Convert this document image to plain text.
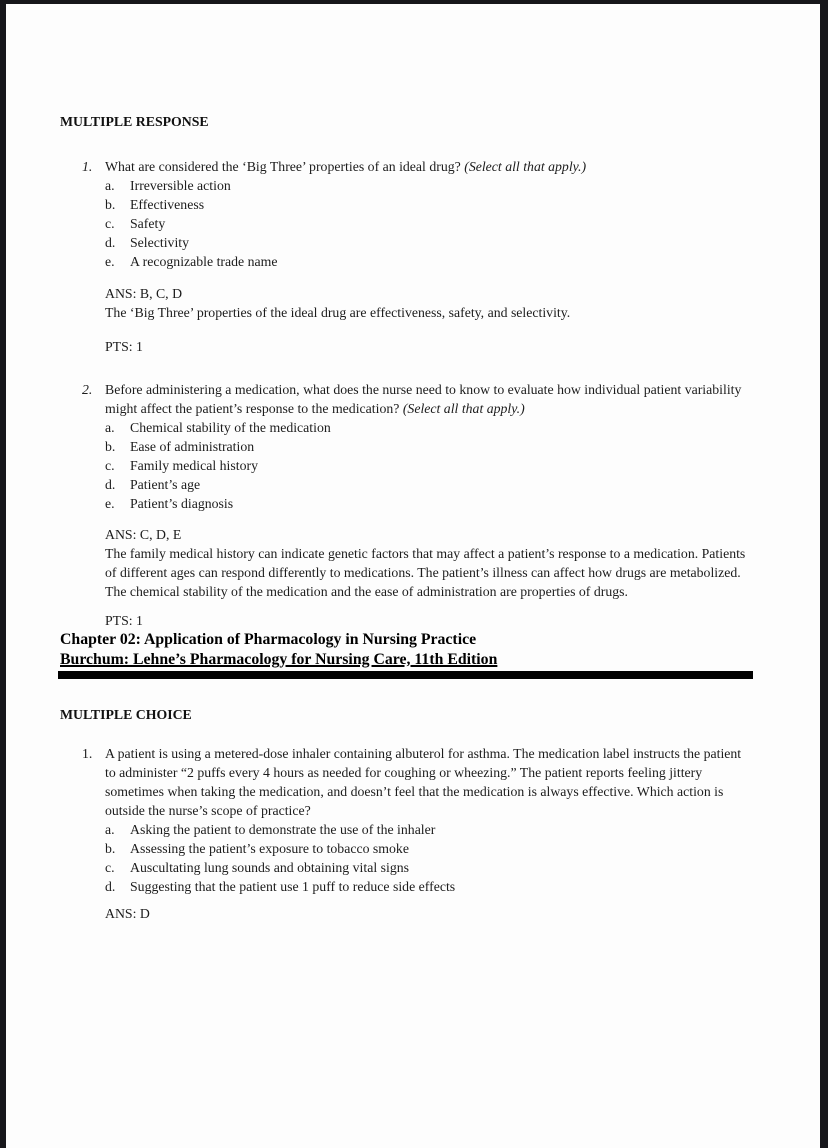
MULTIPLE RESPONSE
1. What are considered the ‘Big Three’ properties of an ideal drug? (Select all that apply.)
a.	Irreversible action
b.	Effectiveness
c.	Safety
d.	Selectivity
e.	A recognizable trade name
ANS: B, C, D
The ‘Big Three’ properties of the ideal drug are effectiveness, safety, and selectivity.
PTS: 1
2. Before administering a medication, what does the nurse need to know to evaluate how individual patient variability might affect the patient’s response to the medication? (Select all that apply.)
a.	Chemical stability of the medication
b.	Ease of administration
c.	Family medical history
d.	Patient’s age
e.	Patient’s diagnosis
ANS: C, D, E
The family medical history can indicate genetic factors that may affect a patient’s response to a medication. Patients of different ages can respond differently to medications. The patient’s illness can affect how drugs are metabolized. The chemical stability of the medication and the ease of administration are properties of drugs.
PTS: 1
Chapter 02: Application of Pharmacology in Nursing Practice
Burchum: Lehne’s Pharmacology for Nursing Care, 11th Edition
MULTIPLE CHOICE
1. A patient is using a metered-dose inhaler containing albuterol for asthma. The medication label instructs the patient to administer “2 puffs every 4 hours as needed for coughing or wheezing.” The patient reports feeling jittery sometimes when taking the medication, and doesn’t feel that the medication is always effective. Which action is outside the nurse’s scope of practice?
a.	Asking the patient to demonstrate the use of the inhaler
b.	Assessing the patient’s exposure to tobacco smoke
c.	Auscultating lung sounds and obtaining vital signs
d.	Suggesting that the patient use 1 puff to reduce side effects
ANS: D
